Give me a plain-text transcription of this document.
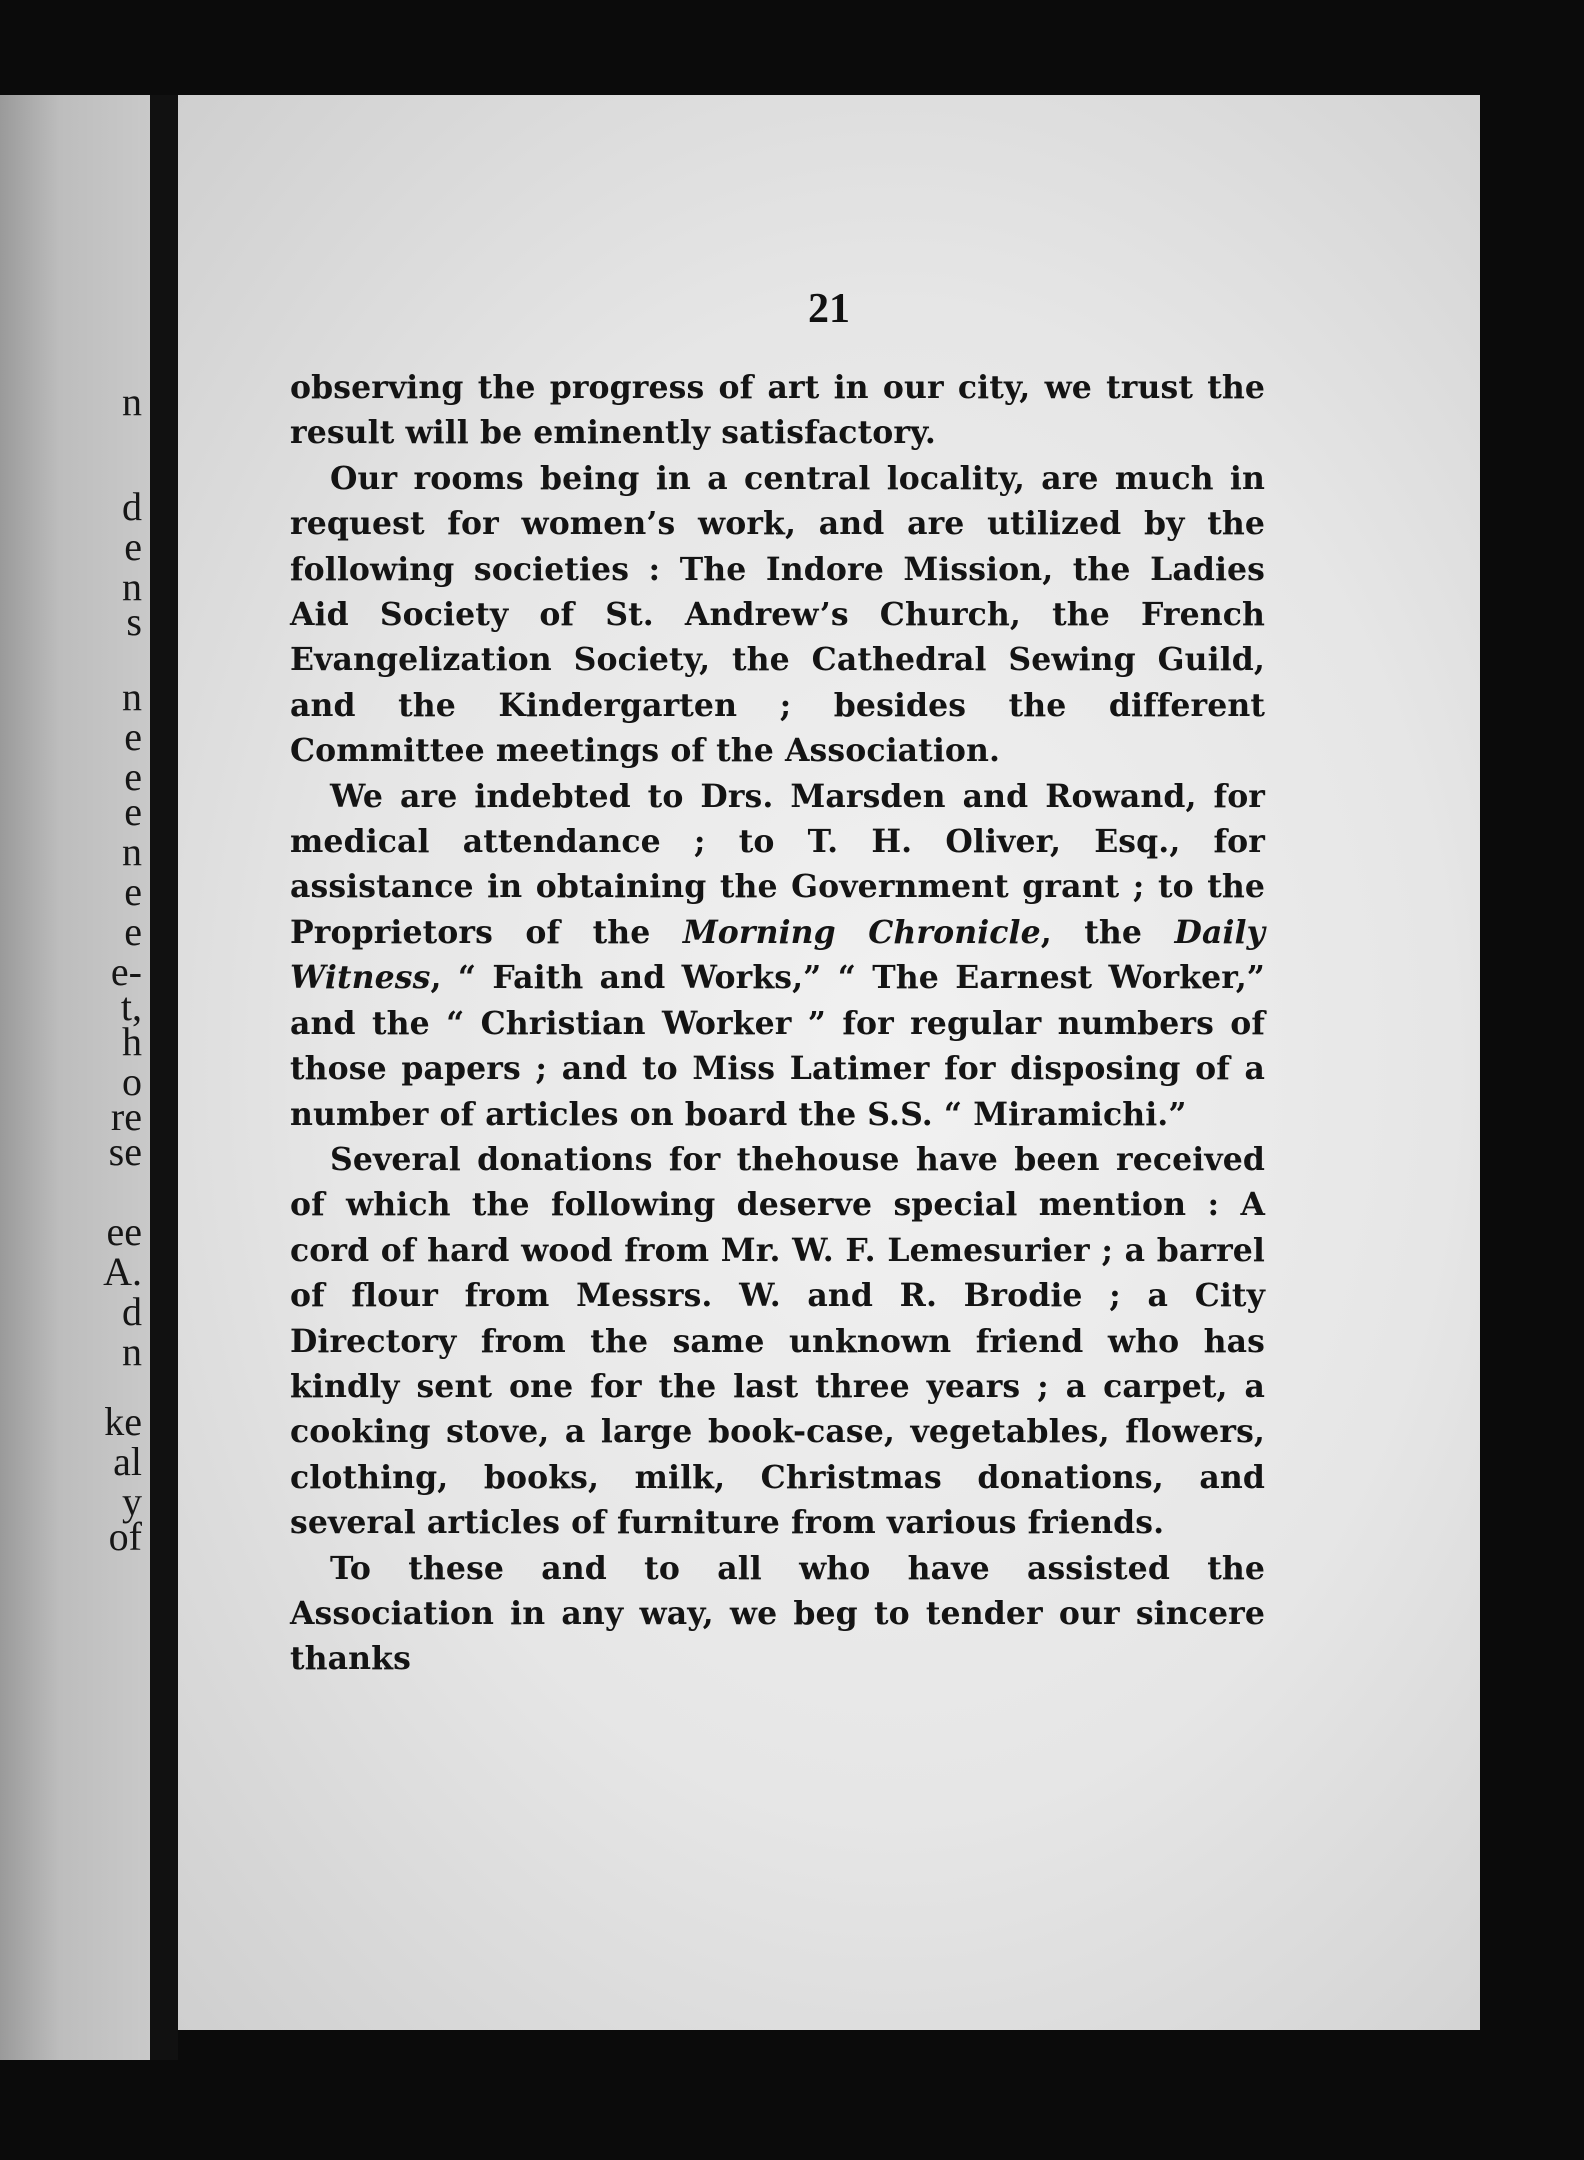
n
d
e
n
s
n
e
e
e
n
e
e
e-
t,
h
o
re
se
ee
A.
d
n
ke
al
y
of
21

observing the progress of art in our city, we trust the result will be eminently satisfactory.

Our rooms being in a central locality, are much in request for women’s work, and are utilized by the following societies : The Indore Mission, the Ladies Aid Society of St. Andrew’s Church, the French Evangelization Society, the Cathedral Sewing Guild, and the Kindergarten ; besides the different Committee meetings of the Association.

We are indebted to Drs. Marsden and Rowand, for medical attendance ; to T. H. Oliver, Esq., for assistance in obtaining the Government grant ; to the Proprietors of the Morning Chronicle, the Daily Witness, “ Faith and Works,” “ The Earnest Worker,” and the “ Christian Worker ” for regular numbers of those papers ; and to Miss Latimer for disposing of a number of articles on board the S.S. “ Miramichi.”

Several donations for thehouse have been received of which the following deserve special mention : A cord of hard wood from Mr. W. F. Lemesurier ; a barrel of flour from Messrs. W. and R. Brodie ; a City Directory from the same unknown friend who has kindly sent one for the last three years ; a carpet, a cooking stove, a large book-case, vegetables, flowers, clothing, books, milk, Christmas donations, and several articles of furniture from various friends.

To these and to all who have assisted the Association in any way, we beg to tender our sincere thanks
